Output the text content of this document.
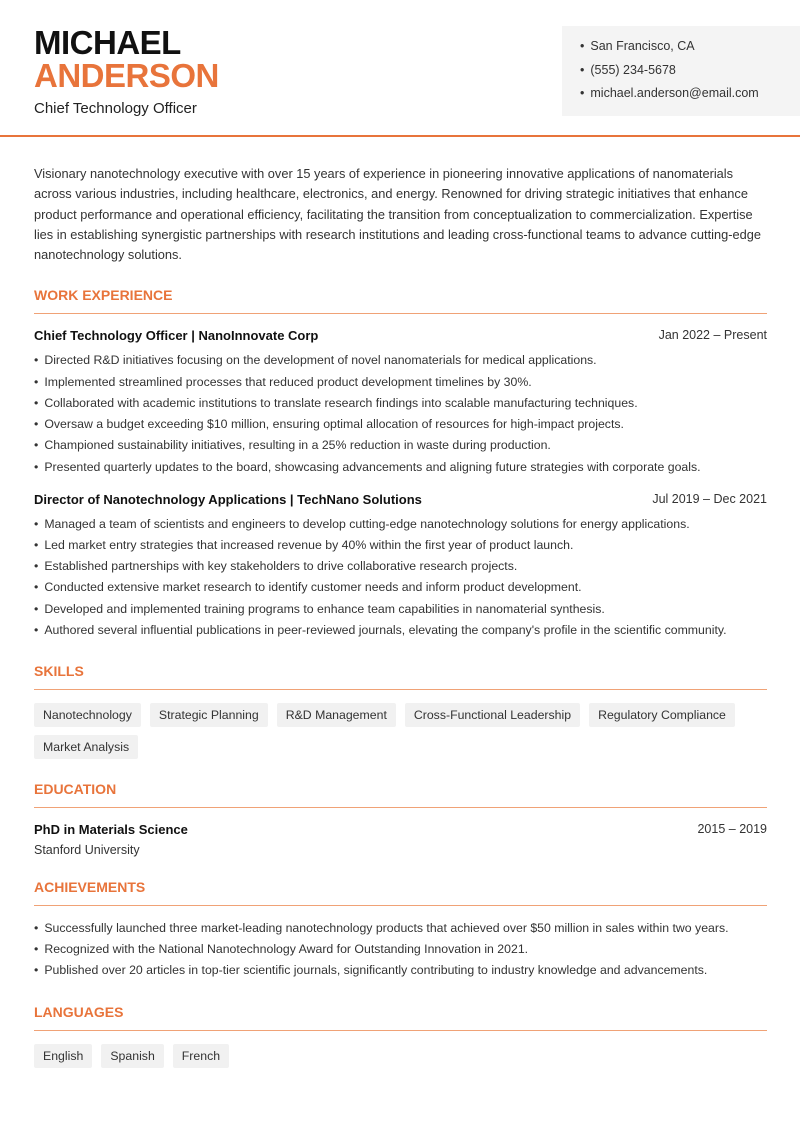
MICHAEL
ANDERSON
Chief Technology Officer
• San Francisco, CA
• (555) 234-5678
• michael.anderson@email.com

Visionary nanotechnology executive with over 15 years of experience in pioneering innovative applications of nanomaterials across various industries, including healthcare, electronics, and energy. Renowned for driving strategic initiatives that enhance product performance and operational efficiency, facilitating the transition from conceptualization to commercialization. Expertise lies in establishing synergistic partnerships with research institutions and leading cross-functional teams to advance cutting-edge nanotechnology solutions.

WORK EXPERIENCE
Chief Technology Officer | NanoInnovate Corp	Jan 2022 – Present
• Directed R&D initiatives focusing on the development of novel nanomaterials for medical applications.
• Implemented streamlined processes that reduced product development timelines by 30%.
• Collaborated with academic institutions to translate research findings into scalable manufacturing techniques.
• Oversaw a budget exceeding $10 million, ensuring optimal allocation of resources for high-impact projects.
• Championed sustainability initiatives, resulting in a 25% reduction in waste during production.
• Presented quarterly updates to the board, showcasing advancements and aligning future strategies with corporate goals.
Director of Nanotechnology Applications | TechNano Solutions	Jul 2019 – Dec 2021
• Managed a team of scientists and engineers to develop cutting-edge nanotechnology solutions for energy applications.
• Led market entry strategies that increased revenue by 40% within the first year of product launch.
• Established partnerships with key stakeholders to drive collaborative research projects.
• Conducted extensive market research to identify customer needs and inform product development.
• Developed and implemented training programs to enhance team capabilities in nanomaterial synthesis.
• Authored several influential publications in peer-reviewed journals, elevating the company's profile in the scientific community.
SKILLS
Nanotechnology	Strategic Planning	R&D Management	Cross-Functional Leadership	Regulatory Compliance
Market Analysis
EDUCATION
PhD in Materials Science	2015 – 2019
Stanford University
ACHIEVEMENTS
• Successfully launched three market-leading nanotechnology products that achieved over $50 million in sales within two years.
• Recognized with the National Nanotechnology Award for Outstanding Innovation in 2021.
• Published over 20 articles in top-tier scientific journals, significantly contributing to industry knowledge and advancements.
LANGUAGES
English	Spanish	French
